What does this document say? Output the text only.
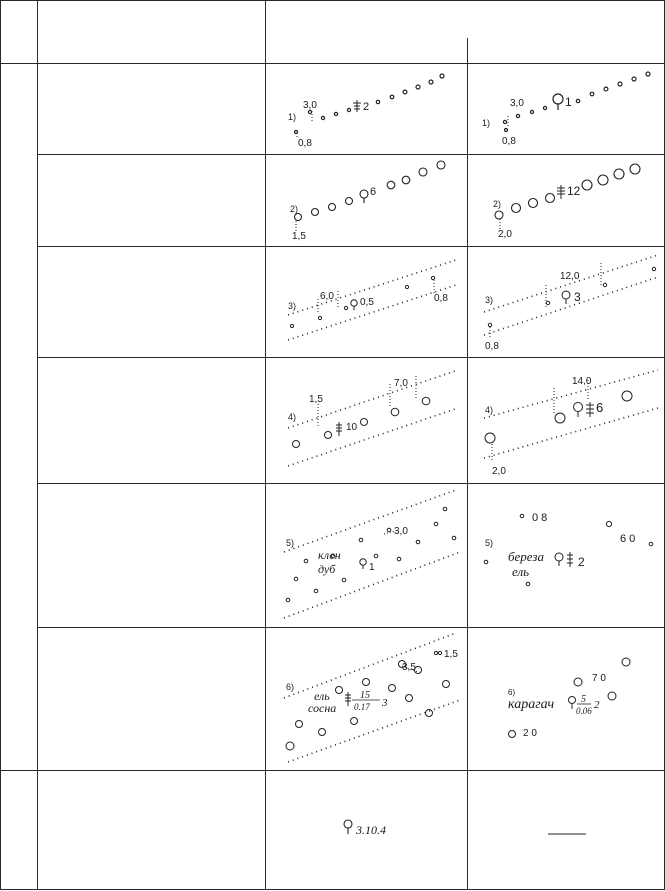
1)
3,0
0,8
2
1)
3,0
0,8
1
2)
1,5
6
2)
2,0
12
3)
6,0
0,5	0,8	3)
12,0
0,8
3
4)
1,5
7,0
10
4)
14,0
2,0
6
5)
клен
дуб	1
3,0
5)
береза
ель
2
0 8
6 0
6)
ель
сосна
15
0.17 3
3,5
1,5
6)
карагач	5
0.06 2
7 0
2 0
3.10.4
